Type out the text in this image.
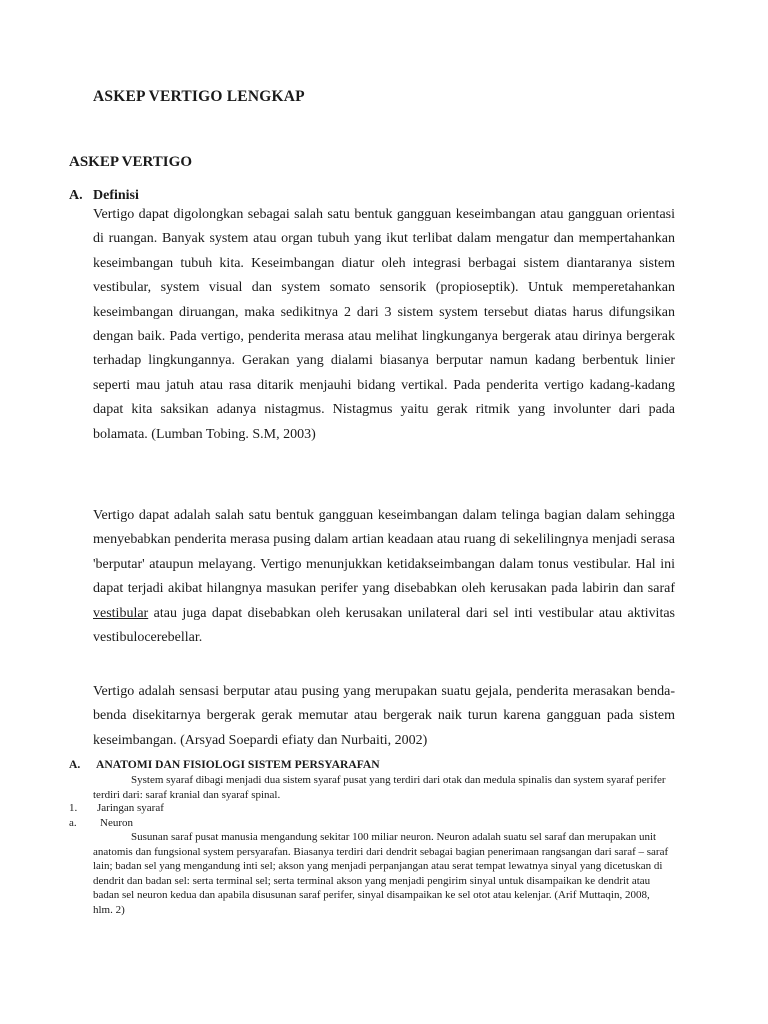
ASKEP VERTIGO LENGKAP
ASKEP VERTIGO
A. Definisi

Vertigo dapat digolongkan sebagai salah satu bentuk gangguan keseimbangan atau gangguan orientasi di ruangan. Banyak system atau organ tubuh yang ikut terlibat dalam mengatur dan mempertahankan keseimbangan tubuh kita. Keseimbangan diatur oleh integrasi berbagai sistem diantaranya sistem vestibular, system visual dan system somato sensorik (propioseptik). Untuk memperetahankan keseimbangan diruangan, maka sedikitnya 2 dari 3 sistem system tersebut diatas harus difungsikan dengan baik. Pada vertigo, penderita merasa atau melihat lingkunganya bergerak atau dirinya bergerak terhadap lingkungannya. Gerakan yang dialami biasanya berputar namun kadang berbentuk linier seperti mau jatuh atau rasa ditarik menjauhi bidang vertikal. Pada penderita vertigo kadang-kadang dapat kita saksikan adanya nistagmus. Nistagmus yaitu gerak ritmik yang involunter dari pada bolamata. (Lumban Tobing. S.M, 2003)

Vertigo dapat adalah salah satu bentuk gangguan keseimbangan dalam telinga bagian dalam sehingga menyebabkan penderita merasa pusing dalam artian keadaan atau ruang di sekelilingnya menjadi serasa 'berputar' ataupun melayang. Vertigo menunjukkan ketidakseimbangan dalam tonus vestibular. Hal ini dapat terjadi akibat hilangnya masukan perifer yang disebabkan oleh kerusakan pada labirin dan saraf vestibular atau juga dapat disebabkan oleh kerusakan unilateral dari sel inti vestibular atau aktivitas vestibulocerebellar.

Vertigo adalah sensasi berputar atau pusing yang merupakan suatu gejala, penderita merasakan benda-benda disekitarnya bergerak gerak memutar atau bergerak naik turun karena gangguan pada sistem keseimbangan. (Arsyad Soepardi efiaty dan Nurbaiti, 2002)

A. ANATOMI DAN FISIOLOGI SISTEM PERSYARAFAN

System syaraf dibagi menjadi dua sistem syaraf pusat yang terdiri dari otak dan medula spinalis dan system syaraf perifer terdiri dari: saraf kranial dan syaraf spinal.

1. Jaringan syaraf

a. Neuron

Susunan saraf pusat manusia mengandung sekitar 100 miliar neuron. Neuron adalah suatu sel saraf dan merupakan unit anatomis dan fungsional system persyarafan. Biasanya terdiri dari dendrit sebagai bagian penerimaan rangsangan dari saraf – saraf lain; badan sel yang mengandung inti sel; akson yang menjadi perpanjangan atau serat tempat lewatnya sinyal yang dicetuskan di dendrit dan badan sel: serta terminal sel; serta terminal akson yang menjadi pengirim sinyal untuk disampaikan ke dendrit atau badan sel neuron kedua dan apabila disusunan saraf perifer, sinyal disampaikan ke sel otot atau kelenjar. (Arif Muttaqin, 2008, hlm. 2)
